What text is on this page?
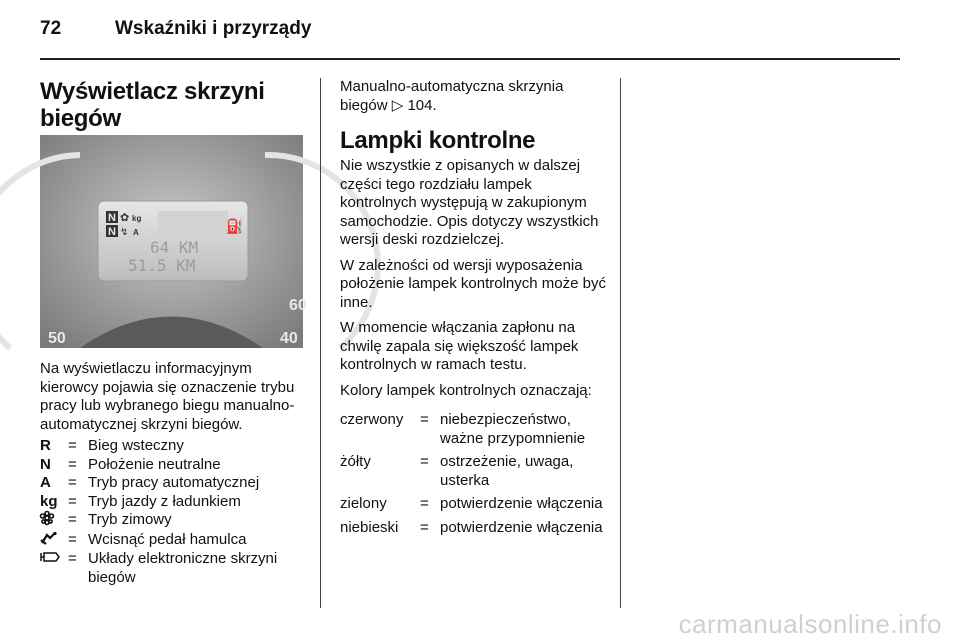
72	Wskaźniki i przyrządy
Wyświetlacz skrzyni biegów
N
N
✿ kg
↯ A	⛽
64 KM
51.5 KM
50	40
60

Na wyświetlaczu informacyjnym kierowcy pojawia się oznaczenie trybu pracy lub wybranego biegu manualno-automatycznej skrzyni biegów.

R	=	Bieg wsteczny
N	=	Położenie neutralne
A	=	Tryb pracy automatycznej
kg	=	Tryb jazdy z ładunkiem
	=	Tryb zimowy
	=	Wcisnąć pedał hamulca
	=	Układy elektroniczne skrzyni biegów

Manualno-automatyczna skrzynia biegów ▷ 104.

Lampki kontrolne

Nie wszystkie z opisanych w dalszej części tego rozdziału lampek kontrolnych występują w zakupionym samochodzie. Opis dotyczy wszystkich wersji deski rozdzielczej.

W zależności od wersji wyposażenia położenie lampek kontrolnych może być inne.

W momencie włączania zapłonu na chwilę zapala się większość lampek kontrolnych w ramach testu.

Kolory lampek kontrolnych oznaczają:

czerwony	=	niebezpieczeństwo, ważne przypomnienie
żółty	=	ostrzeżenie, uwaga, usterka
zielony	=	potwierdzenie włączenia
niebieski	=	potwierdzenie włączenia
carmanualsonline.info
